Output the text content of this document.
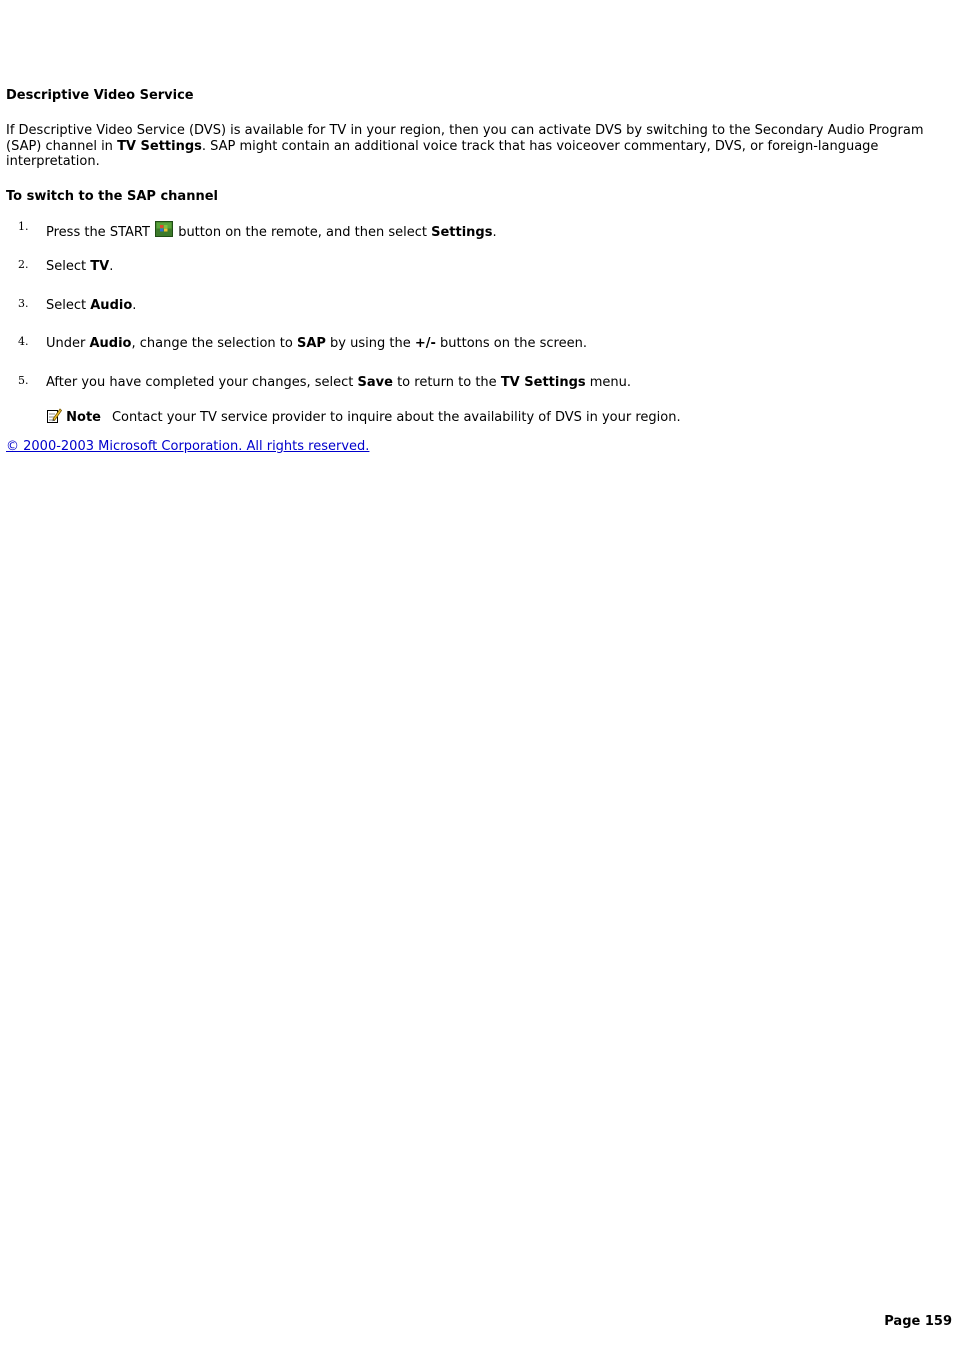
Descriptive Video Service
If Descriptive Video Service (DVS) is available for TV in your region, then you can activate DVS by switching to the Secondary Audio Program (SAP) channel in TV Settings. SAP might contain an additional voice track that has voiceover commentary, DVS, or foreign-language interpretation.
To switch to the SAP channel
1. Press the START  button on the remote, and then select Settings.
2. Select TV.
3. Select Audio.
4. Under Audio, change the selection to SAP by using the +/- buttons on the screen.
5. After you have completed your changes, select Save to return to the TV Settings menu.
Note Contact your TV service provider to inquire about the availability of DVS in your region.
© 2000-2003 Microsoft Corporation. All rights reserved.
Page 159
